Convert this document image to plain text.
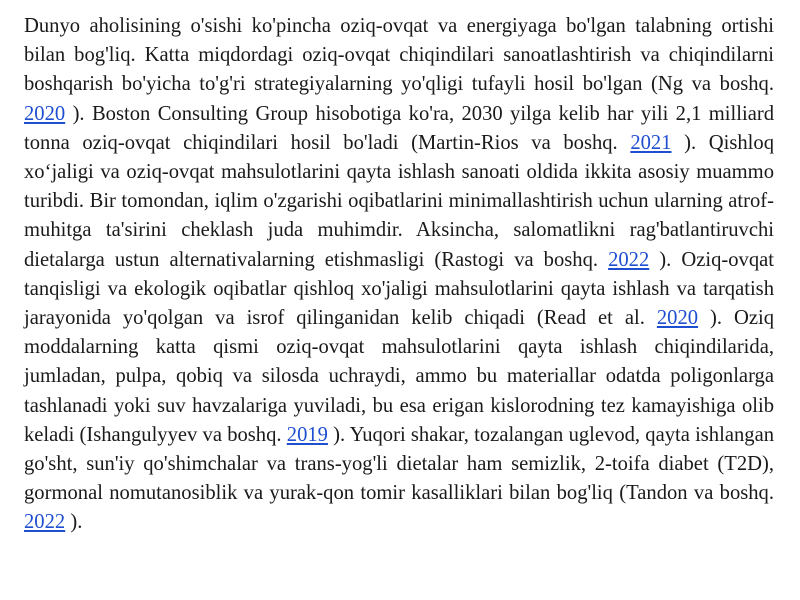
Dunyo aholisining o'sishi ko'pincha oziq-ovqat va energiyaga bo'lgan talabning ortishi bilan bog'liq. Katta miqdordagi oziq-ovqat chiqindilari sanoatlashtirish va chiqindilarni boshqarish bo'yicha to'g'ri strategiyalarning yo'qligi tufayli hosil bo'lgan (Ng va boshq. 2020 ). Boston Consulting Group hisobotiga ko'ra, 2030 yilga kelib har yili 2,1 milliard tonna oziq-ovqat chiqindilari hosil bo'ladi (Martin-Rios va boshq. 2021 ). Qishloq xo‘jaligi va oziq-ovqat mahsulotlarini qayta ishlash sanoati oldida ikkita asosiy muammo turibdi. Bir tomondan, iqlim o'zgarishi oqibatlarini minimallashtirish uchun ularning atrof-muhitga ta'sirini cheklash juda muhimdir. Aksincha, salomatlikni rag'batlantiruvchi dietalarga ustun alternativalarning etishmasligi (Rastogi va boshq. 2022 ). Oziq-ovqat tanqisligi va ekologik oqibatlar qishloq xo'jaligi mahsulotlarini qayta ishlash va tarqatish jarayonida yo'qolgan va isrof qilinganidan kelib chiqadi (Read et al. 2020 ). Oziq moddalarning katta qismi oziq-ovqat mahsulotlarini qayta ishlash chiqindilarida, jumladan, pulpa, qobiq va silosda uchraydi, ammo bu materiallar odatda poligonlarga tashlanadi yoki suv havzalariga yuviladi, bu esa erigan kislorodning tez kamayishiga olib keladi (Ishangulyyev va boshq. 2019 ). Yuqori shakar, tozalangan uglevod, qayta ishlangan go'sht, sun'iy qo'shimchalar va trans-yog'li dietalar ham semizlik, 2-toifa diabet (T2D), gormonal nomutanosiblik va yurak-qon tomir kasalliklari bilan bog'liq (Tandon va boshq. 2022 ).
